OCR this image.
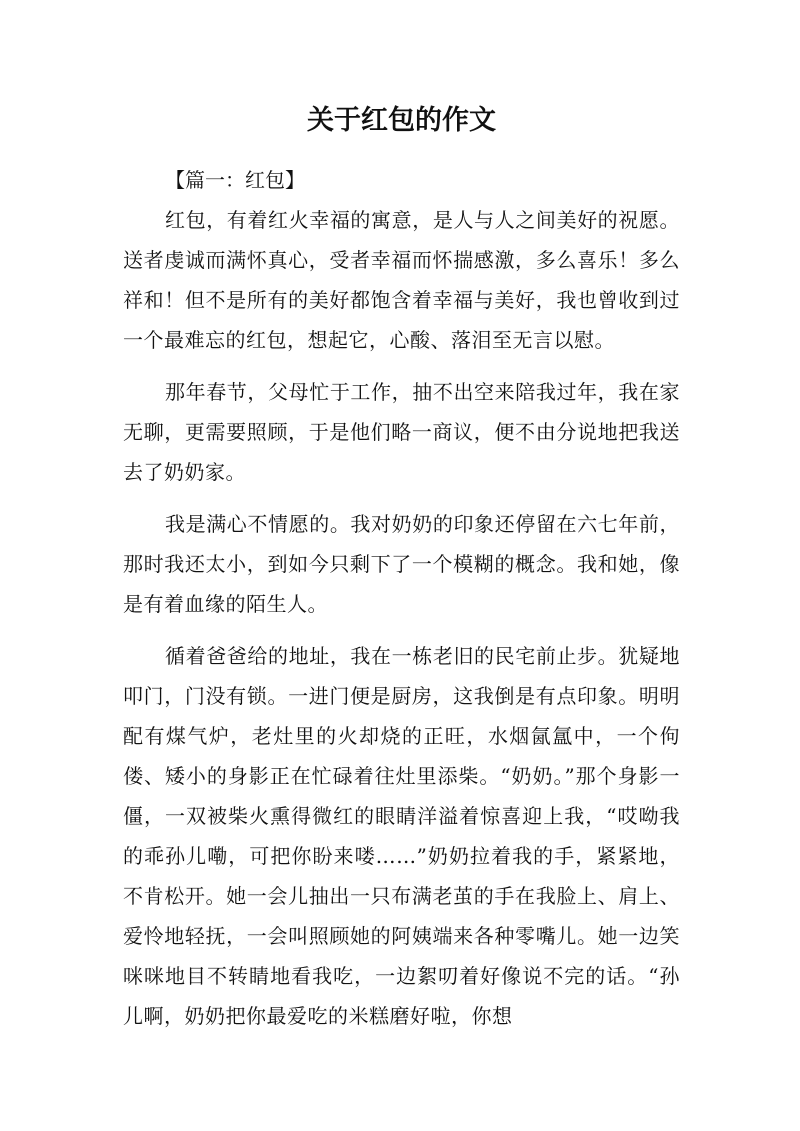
关于红包的作文

【篇一：红包】

红包，有着红火幸福的寓意，是人与人之间美好的祝愿。送者虔诚而满怀真心，受者幸福而怀揣感激，多么喜乐！多么祥和！但不是所有的美好都饱含着幸福与美好，我也曾收到过一个最难忘的红包，想起它，心酸、落泪至无言以慰。

那年春节，父母忙于工作，抽不出空来陪我过年，我在家无聊，更需要照顾，于是他们略一商议，便不由分说地把我送去了奶奶家。

我是满心不情愿的。我对奶奶的印象还停留在六七年前，那时我还太小，到如今只剩下了一个模糊的概念。我和她，像是有着血缘的陌生人。

循着爸爸给的地址，我在一栋老旧的民宅前止步。犹疑地叩门，门没有锁。一进门便是厨房，这我倒是有点印象。明明配有煤气炉，老灶里的火却烧的正旺，水烟氤氲中，一个佝偻、矮小的身影正在忙碌着往灶里添柴。“奶奶。”那个身影一僵，一双被柴火熏得微红的眼睛洋溢着惊喜迎上我，“哎呦我的乖孙儿嘞，可把你盼来喽……”奶奶拉着我的手，紧紧地，不肯松开。她一会儿抽出一只布满老茧的手在我脸上、肩上、爱怜地轻抚，一会叫照顾她的阿姨端来各种零嘴儿。她一边笑咪咪地目不转睛地看我吃，一边絮叨着好像说不完的话。“孙儿啊，奶奶把你最爱吃的米糕磨好啦，你想
